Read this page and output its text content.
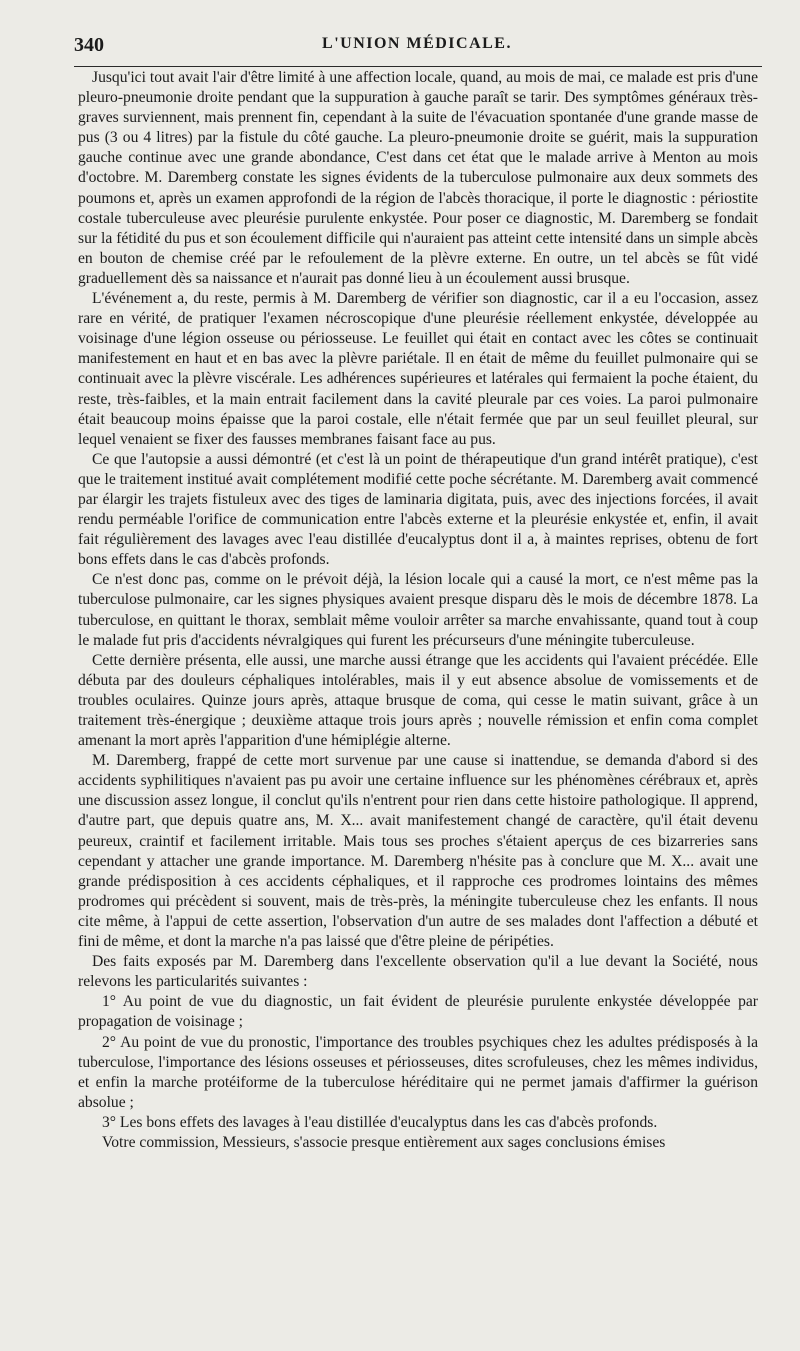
340	L'UNION MÉDICALE.

Jusqu'ici tout avait l'air d'être limité à une affection locale, quand, au mois de mai, ce malade est pris d'une pleuro-pneumonie droite pendant que la suppuration à gauche paraît se tarir. Des symptômes généraux très-graves surviennent, mais prennent fin, cependant à la suite de l'évacuation spontanée d'une grande masse de pus (3 ou 4 litres) par la fistule du côté gauche. La pleuro-pneumonie droite se guérit, mais la suppuration gauche continue avec une grande abondance, C'est dans cet état que le malade arrive à Menton au mois d'octobre. M. Daremberg constate les signes évidents de la tuberculose pulmonaire aux deux sommets des poumons et, après un examen approfondi de la région de l'abcès thoracique, il porte le diagnostic : périostite costale tuberculeuse avec pleurésie purulente enkystée. Pour poser ce diagnostic, M. Daremberg se fondait sur la fétidité du pus et son écoulement difficile qui n'auraient pas atteint cette intensité dans un simple abcès en bouton de chemise créé par le refoulement de la plèvre externe. En outre, un tel abcès se fût vidé graduellement dès sa naissance et n'aurait pas donné lieu à un écoulement aussi brusque.

L'événement a, du reste, permis à M. Daremberg de vérifier son diagnostic, car il a eu l'occasion, assez rare en vérité, de pratiquer l'examen nécroscopique d'une pleurésie réellement enkystée, développée au voisinage d'une légion osseuse ou périosseuse. Le feuillet qui était en contact avec les côtes se continuait manifestement en haut et en bas avec la plèvre pariétale. Il en était de même du feuillet pulmonaire qui se continuait avec la plèvre viscérale. Les adhérences supérieures et latérales qui fermaient la poche étaient, du reste, très-faibles, et la main entrait facilement dans la cavité pleurale par ces voies. La paroi pulmonaire était beaucoup moins épaisse que la paroi costale, elle n'était fermée que par un seul feuillet pleural, sur lequel venaient se fixer des fausses membranes faisant face au pus.

Ce que l'autopsie a aussi démontré (et c'est là un point de thérapeutique d'un grand intérêt pratique), c'est que le traitement institué avait complétement modifié cette poche sécrétante. M. Daremberg avait commencé par élargir les trajets fistuleux avec des tiges de laminaria digitata, puis, avec des injections forcées, il avait rendu perméable l'orifice de communication entre l'abcès externe et la pleurésie enkystée et, enfin, il avait fait régulièrement des lavages avec l'eau distillée d'eucalyptus dont il a, à maintes reprises, obtenu de fort bons effets dans le cas d'abcès profonds.

Ce n'est donc pas, comme on le prévoit déjà, la lésion locale qui a causé la mort, ce n'est même pas la tuberculose pulmonaire, car les signes physiques avaient presque disparu dès le mois de décembre 1878. La tuberculose, en quittant le thorax, semblait même vouloir arrêter sa marche envahissante, quand tout à coup le malade fut pris d'accidents névralgiques qui furent les précurseurs d'une méningite tuberculeuse.

Cette dernière présenta, elle aussi, une marche aussi étrange que les accidents qui l'avaient précédée. Elle débuta par des douleurs céphaliques intolérables, mais il y eut absence absolue de vomissements et de troubles oculaires. Quinze jours après, attaque brusque de coma, qui cesse le matin suivant, grâce à un traitement très-énergique ; deuxième attaque trois jours après ; nouvelle rémission et enfin coma complet amenant la mort après l'apparition d'une hémiplégie alterne.

M. Daremberg, frappé de cette mort survenue par une cause si inattendue, se demanda d'abord si des accidents syphilitiques n'avaient pas pu avoir une certaine influence sur les phénomènes cérébraux et, après une discussion assez longue, il conclut qu'ils n'entrent pour rien dans cette histoire pathologique. Il apprend, d'autre part, que depuis quatre ans, M. X... avait manifestement changé de caractère, qu'il était devenu peureux, craintif et facilement irritable. Mais tous ses proches s'étaient aperçus de ces bizarreries sans cependant y attacher une grande importance. M. Daremberg n'hésite pas à conclure que M. X... avait une grande prédisposition à ces accidents céphaliques, et il rapproche ces prodromes lointains des mêmes prodromes qui précèdent si souvent, mais de très-près, la méningite tuberculeuse chez les enfants. Il nous cite même, à l'appui de cette assertion, l'observation d'un autre de ses malades dont l'affection a débuté et fini de même, et dont la marche n'a pas laissé que d'être pleine de péripéties.

Des faits exposés par M. Daremberg dans l'excellente observation qu'il a lue devant la Société, nous relevons les particularités suivantes :

1° Au point de vue du diagnostic, un fait évident de pleurésie purulente enkystée développée par propagation de voisinage ;

2° Au point de vue du pronostic, l'importance des troubles psychiques chez les adultes prédisposés à la tuberculose, l'importance des lésions osseuses et périosseuses, dites scrofuleuses, chez les mêmes individus, et enfin la marche protéiforme de la tuberculose héréditaire qui ne permet jamais d'affirmer la guérison absolue ;

3° Les bons effets des lavages à l'eau distillée d'eucalyptus dans les cas d'abcès profonds.

Votre commission, Messieurs, s'associe presque entièrement aux sages conclusions émises
